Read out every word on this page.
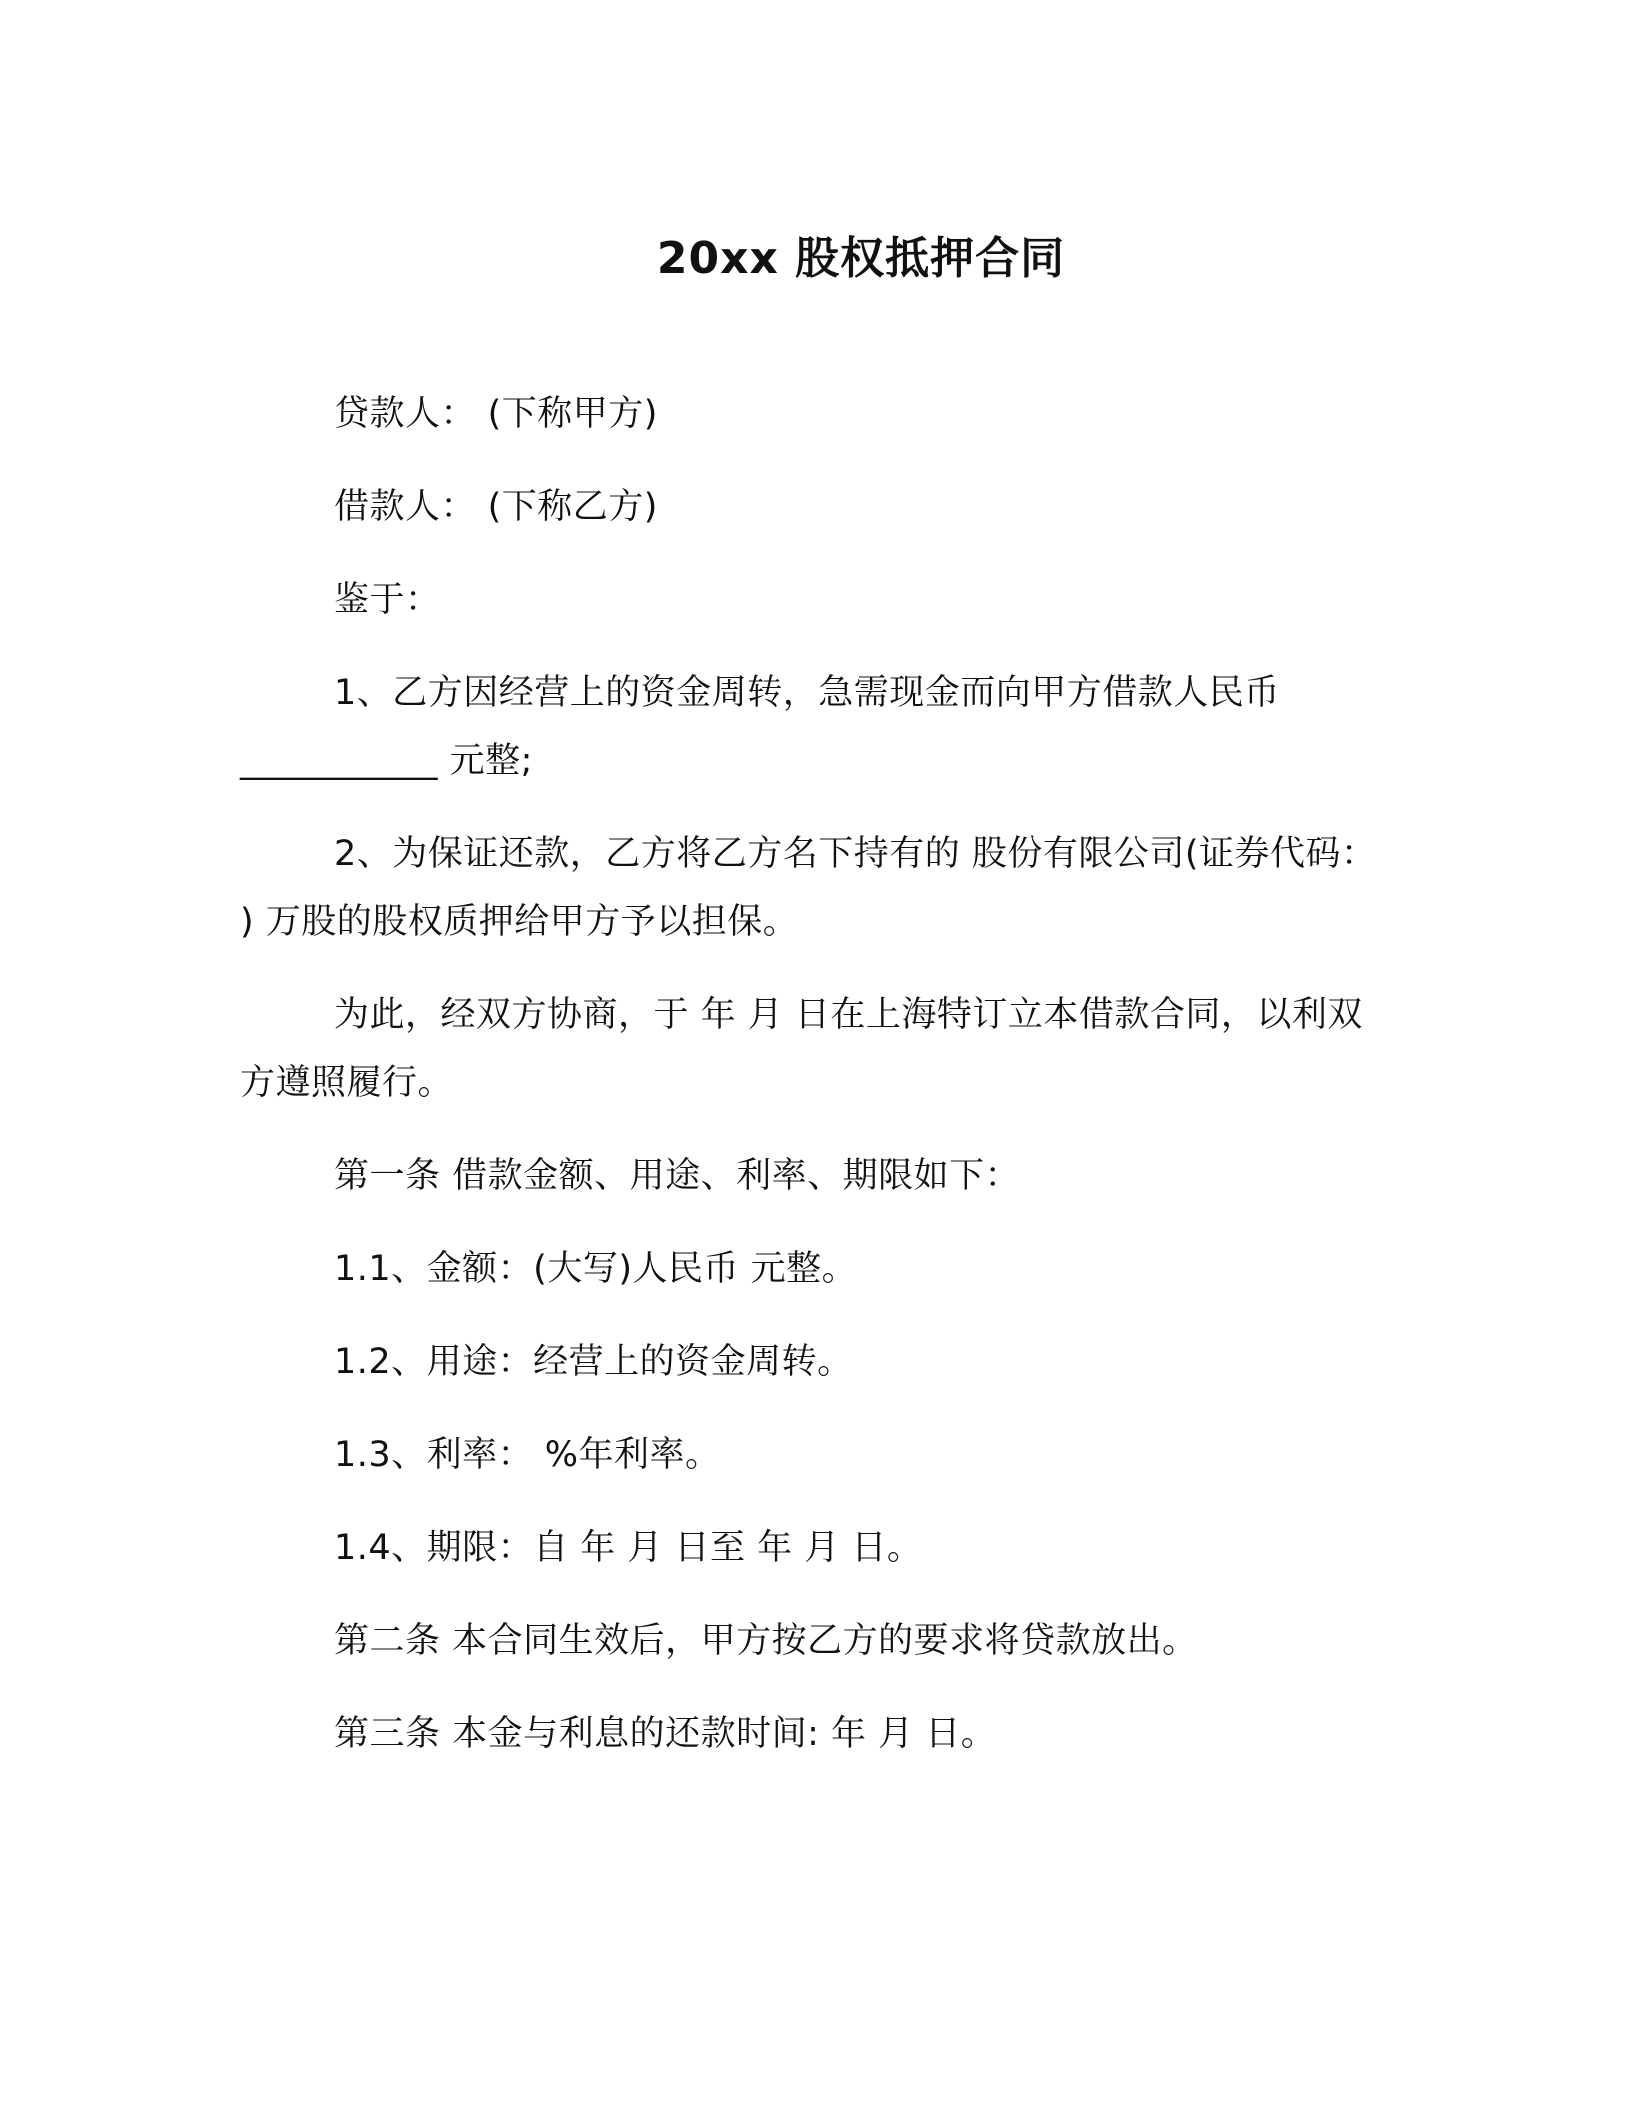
20xx 股权抵押合同

贷款人： (下称甲方)

借款人： (下称乙方)

鉴于：

1、乙方因经营上的资金周转，急需现金而向甲方借款人民币___________ 元整;

2、为保证还款，乙方将乙方名下持有的 股份有限公司(证券代码： ) 万股的股权质押给甲方予以担保。

为此，经双方协商，于 年 月 日在上海特订立本借款合同，以利双方遵照履行。

第一条 借款金额、用途、利率、期限如下：

1.1、金额：(大写)人民币 元整。

1.2、用途：经营上的资金周转。

1.3、利率： %年利率。

1.4、期限：自 年 月 日至 年 月 日。

第二条 本合同生效后，甲方按乙方的要求将贷款放出。

第三条 本金与利息的还款时间: 年 月 日。
